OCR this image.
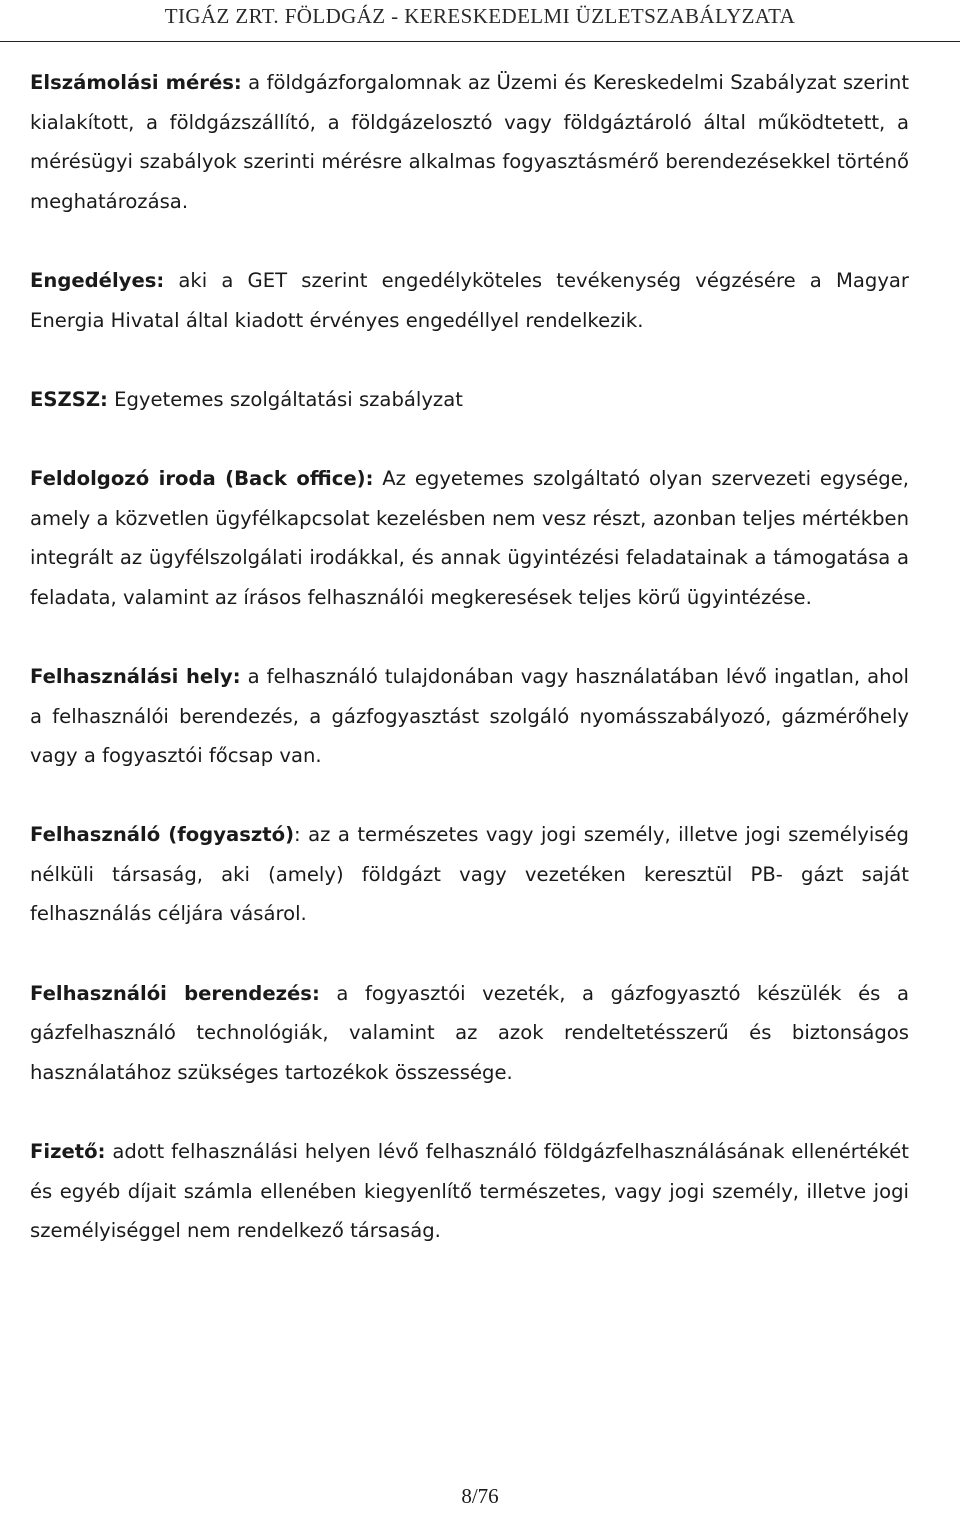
TIGÁZ ZRT. FÖLDGÁZ - KERESKEDELMI ÜZLETSZABÁLYZATA

Elszámolási mérés: a földgázforgalomnak az Üzemi és Kereskedelmi Szabályzat szerint kialakított, a földgázszállító, a földgázelosztó vagy földgáztároló által működtetett, a mérésügyi szabályok szerinti mérésre alkalmas fogyasztásmérő berendezésekkel történő meghatározása.

Engedélyes: aki a GET szerint engedélyköteles tevékenység végzésére a Magyar Energia Hivatal által kiadott érvényes engedéllyel rendelkezik.

ESZSZ: Egyetemes szolgáltatási szabályzat

Feldolgozó iroda (Back office): Az egyetemes szolgáltató olyan szervezeti egysége, amely a közvetlen ügyfélkapcsolat kezelésben nem vesz részt, azonban teljes mértékben integrált az ügyfélszolgálati irodákkal, és annak ügyintézési feladatainak a támogatása a feladata, valamint az írásos felhasználói megkeresések teljes körű ügyintézése.

Felhasználási hely: a felhasználó tulajdonában vagy használatában lévő ingatlan, ahol a felhasználói berendezés, a gázfogyasztást szolgáló nyomásszabályozó, gázmérőhely vagy a fogyasztói főcsap van.

Felhasználó (fogyasztó): az a természetes vagy jogi személy, illetve jogi személyiség nélküli társaság, aki (amely) földgázt vagy vezetéken keresztül PB- gázt saját felhasználás céljára vásárol.

Felhasználói berendezés: a fogyasztói vezeték, a gázfogyasztó készülék és a gázfelhasználó technológiák, valamint az azok rendeltetésszerű és biztonságos használatához szükséges tartozékok összessége.

Fizető: adott felhasználási helyen lévő felhasználó földgázfelhasználásának ellenértékét és egyéb díjait számla ellenében kiegyenlítő természetes, vagy jogi személy, illetve jogi személyiséggel nem rendelkező társaság.

8/76
